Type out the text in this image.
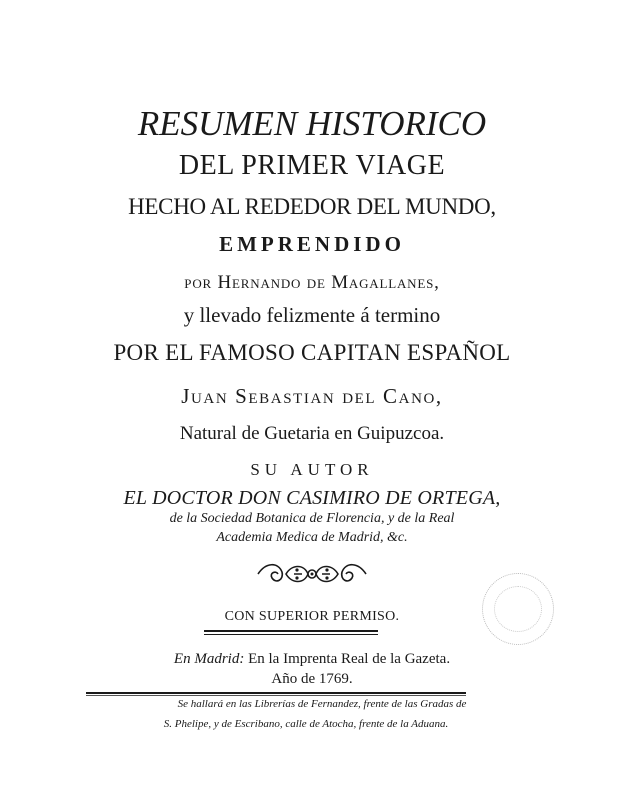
RESUMEN HISTORICO
DEL PRIMER VIAGE
HECHO AL REDEDOR DEL MUNDO,
EMPRENDIDO
por Hernando de Magallanes,
y llevado felizmente á termino
POR EL FAMOSO CAPITAN ESPAÑOL
Juan Sebastian del Cano,
Natural de Guetaria en Guipuzcoa.
SU AUTOR
EL DOCTOR DON CASIMIRO DE ORTEGA,
de la Sociedad Botanica de Florencia, y de la Real
Academia Medica de Madrid, &c.
CON SUPERIOR PERMISO.
En Madrid: En la Imprenta Real de la Gazeta.
Año de 1769.
Se hallará en las Librerías de Fernandez, frente de las Gradas de
S. Phelipe, y de Escribano, calle de Atocha, frente de la Aduana.
